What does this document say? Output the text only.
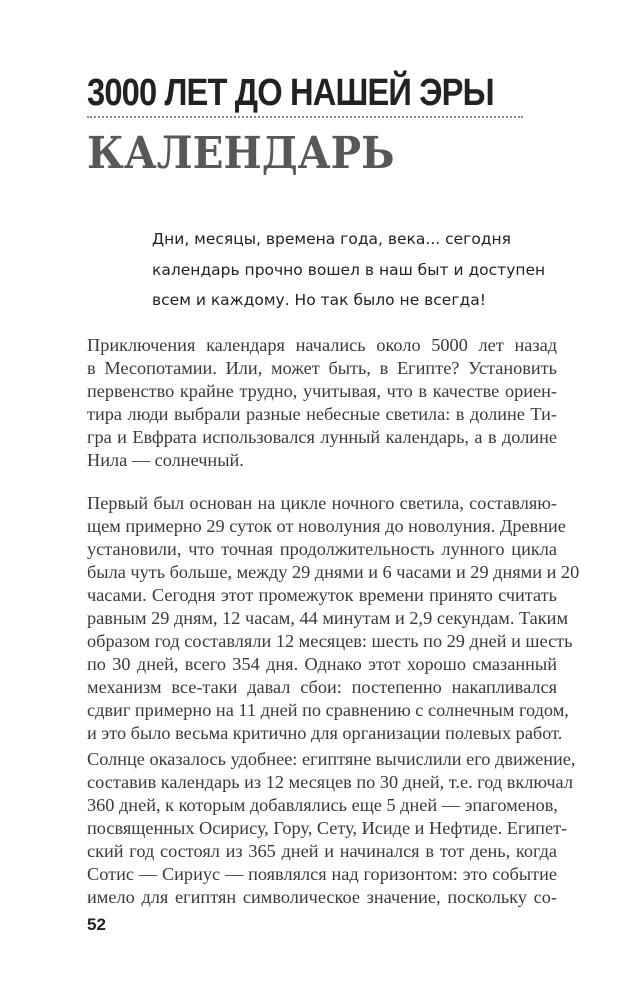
3000 ЛЕТ ДО НАШЕЙ ЭРЫ
КАЛЕНДАРЬ
Дни, месяцы, времена года, века... сегодня
календарь прочно вошел в наш быт и доступен
всем и каждому. Но так было не всегда!
Приключения календаря начались около 5000 лет назад
в Месопотамии. Или, может быть, в Египте? Установить
первенство крайне трудно, учитывая, что в качестве ориен-
тира люди выбрали разные небесные светила: в долине Ти-
гра и Евфрата использовался лунный календарь, а в долине
Нила — солнечный.
Первый был основан на цикле ночного светила, составляю-
щем примерно 29 суток от новолуния до новолуния. Древние
установили, что точная продолжительность лунного цикла
была чуть больше, между 29 днями и 6 часами и 29 днями и 20
часами. Сегодня этот промежуток времени принято считать
равным 29 дням, 12 часам, 44 минутам и 2,9 секундам. Таким
образом год составляли 12 месяцев: шесть по 29 дней и шесть
по 30 дней, всего 354 дня. Однако этот хорошо смазанный
механизм все-таки давал сбои: постепенно накапливался
сдвиг примерно на 11 дней по сравнению с солнечным годом,
и это было весьма критично для организации полевых работ.
Солнце оказалось удобнее: египтяне вычислили его движение,
составив календарь из 12 месяцев по 30 дней, т.е. год включал
360 дней, к которым добавлялись еще 5 дней — эпагоменов,
посвященных Осирису, Гору, Сету, Исиде и Нефтиде. Египет-
ский год состоял из 365 дней и начинался в тот день, когда
Сотис — Сириус — появлялся над горизонтом: это событие
имело для египтян символическое значение, поскольку со-
52
